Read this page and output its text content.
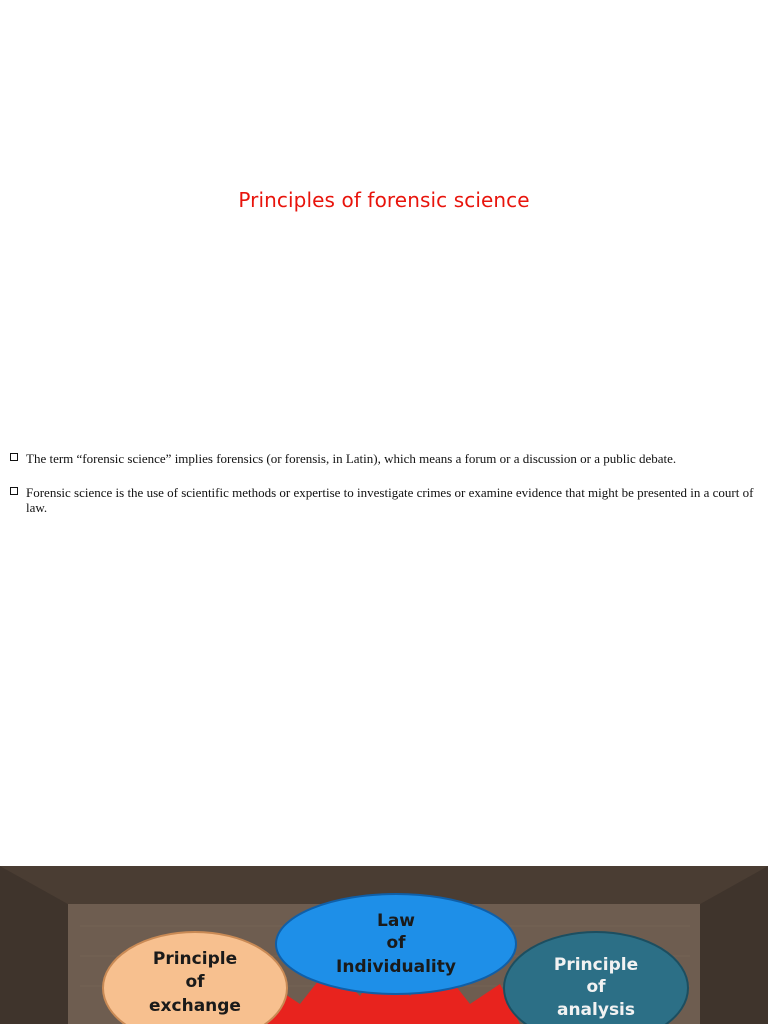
Principles of forensic science
The term “forensic science” implies forensics (or forensis, in Latin), which means a forum or a discussion or a public debate.
Forensic science is the use of scientific methods or expertise to investigate crimes or examine evidence that might be presented in a court of law.
Law
of
Individuality
Principle
of
exchange
Principle
of
analysis
